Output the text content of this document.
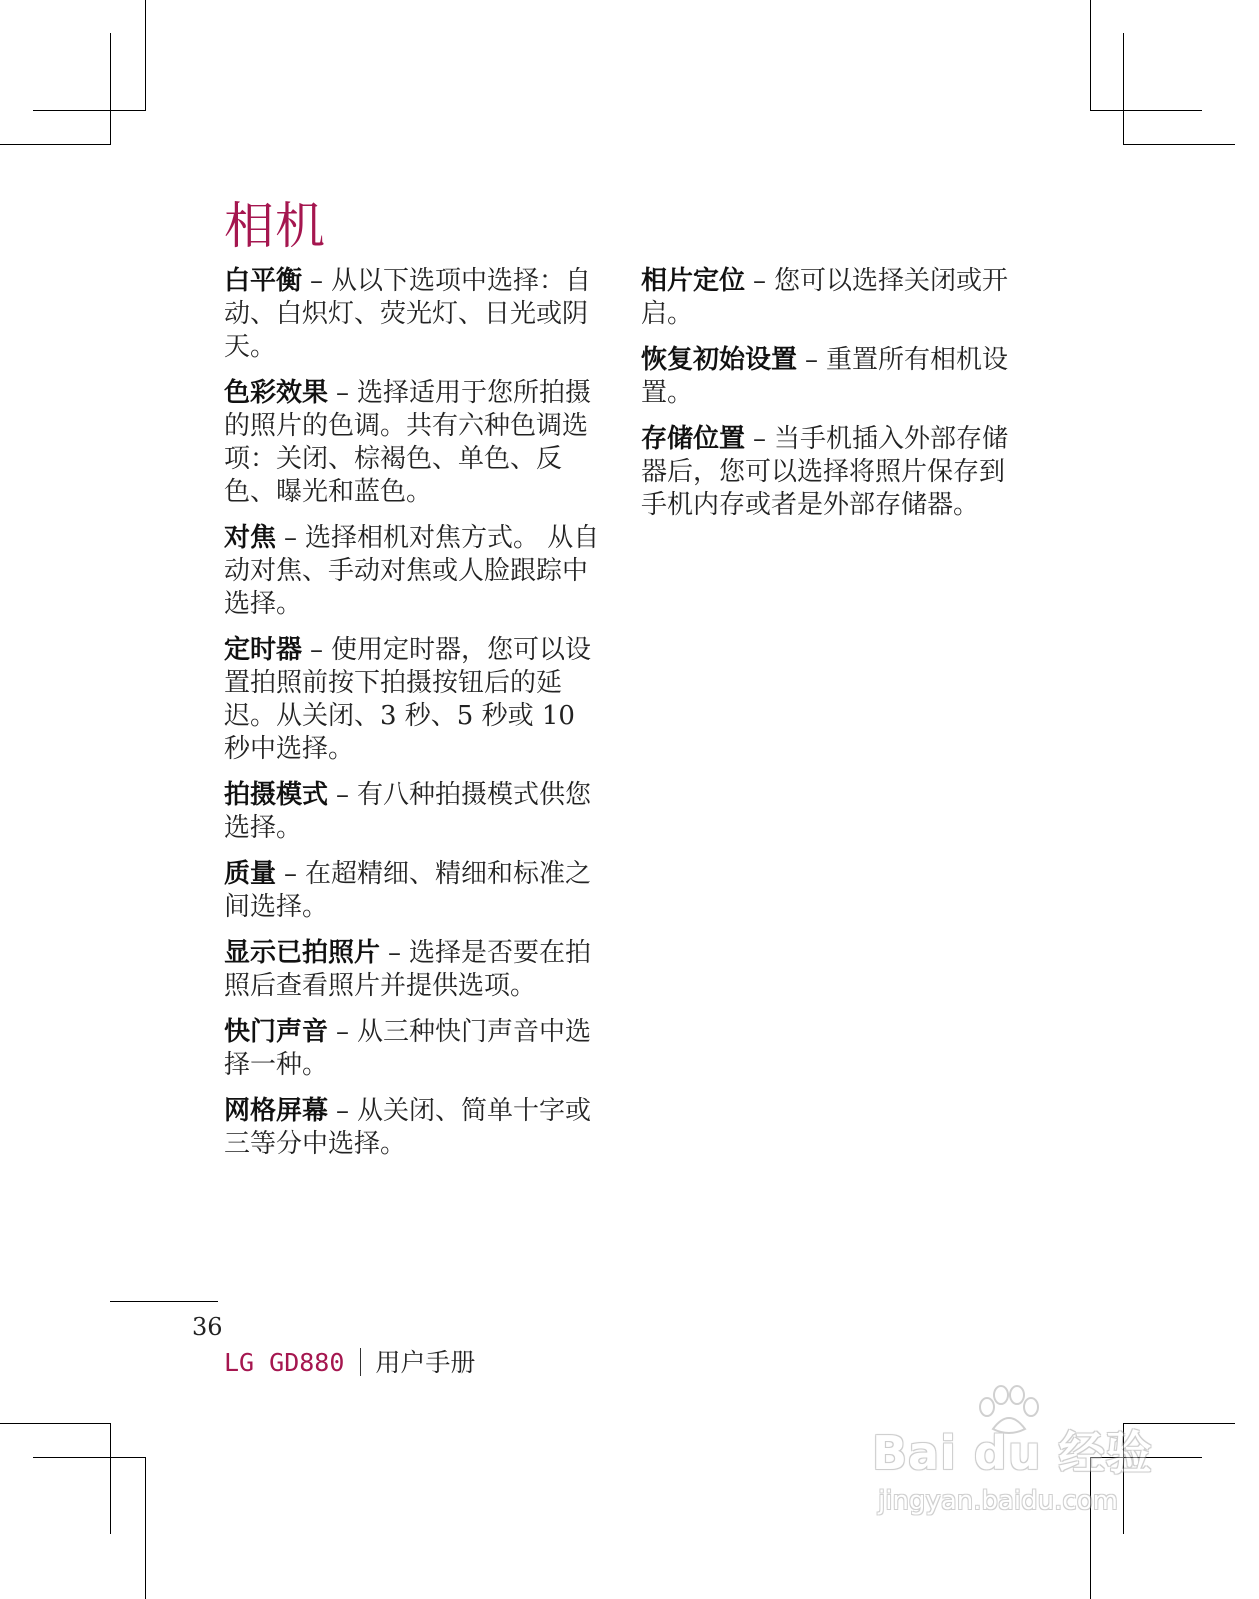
相机

白平衡 – 从以下选项中选择：自动、白炽灯、荧光灯、日光或阴天。

色彩效果 – 选择适用于您所拍摄的照片的色调。共有六种色调选项：关闭、棕褐色、单色、反色、曝光和蓝色。

对焦 – 选择相机对焦方式。 从自动对焦、手动对焦或人脸跟踪中选择。

定时器 – 使用定时器，您可以设置拍照前按下拍摄按钮后的延迟。从关闭、3 秒、5 秒或 10 秒中选择。

拍摄模式 – 有八种拍摄模式供您选择。

质量 – 在超精细、精细和标准之间选择。

显示已拍照片 – 选择是否要在拍照后查看照片并提供选项。

快门声音 – 从三种快门声音中选择一种。

网格屏幕 – 从关闭、简单十字或三等分中选择。

相片定位 – 您可以选择关闭或开启。

恢复初始设置 – 重置所有相机设置。

存储位置 – 当手机插入外部存储器后，您可以选择将照片保存到手机内存或者是外部存储器。

36
LG GD880 用户手册
Bai du 经验
jingyan.baidu.com
